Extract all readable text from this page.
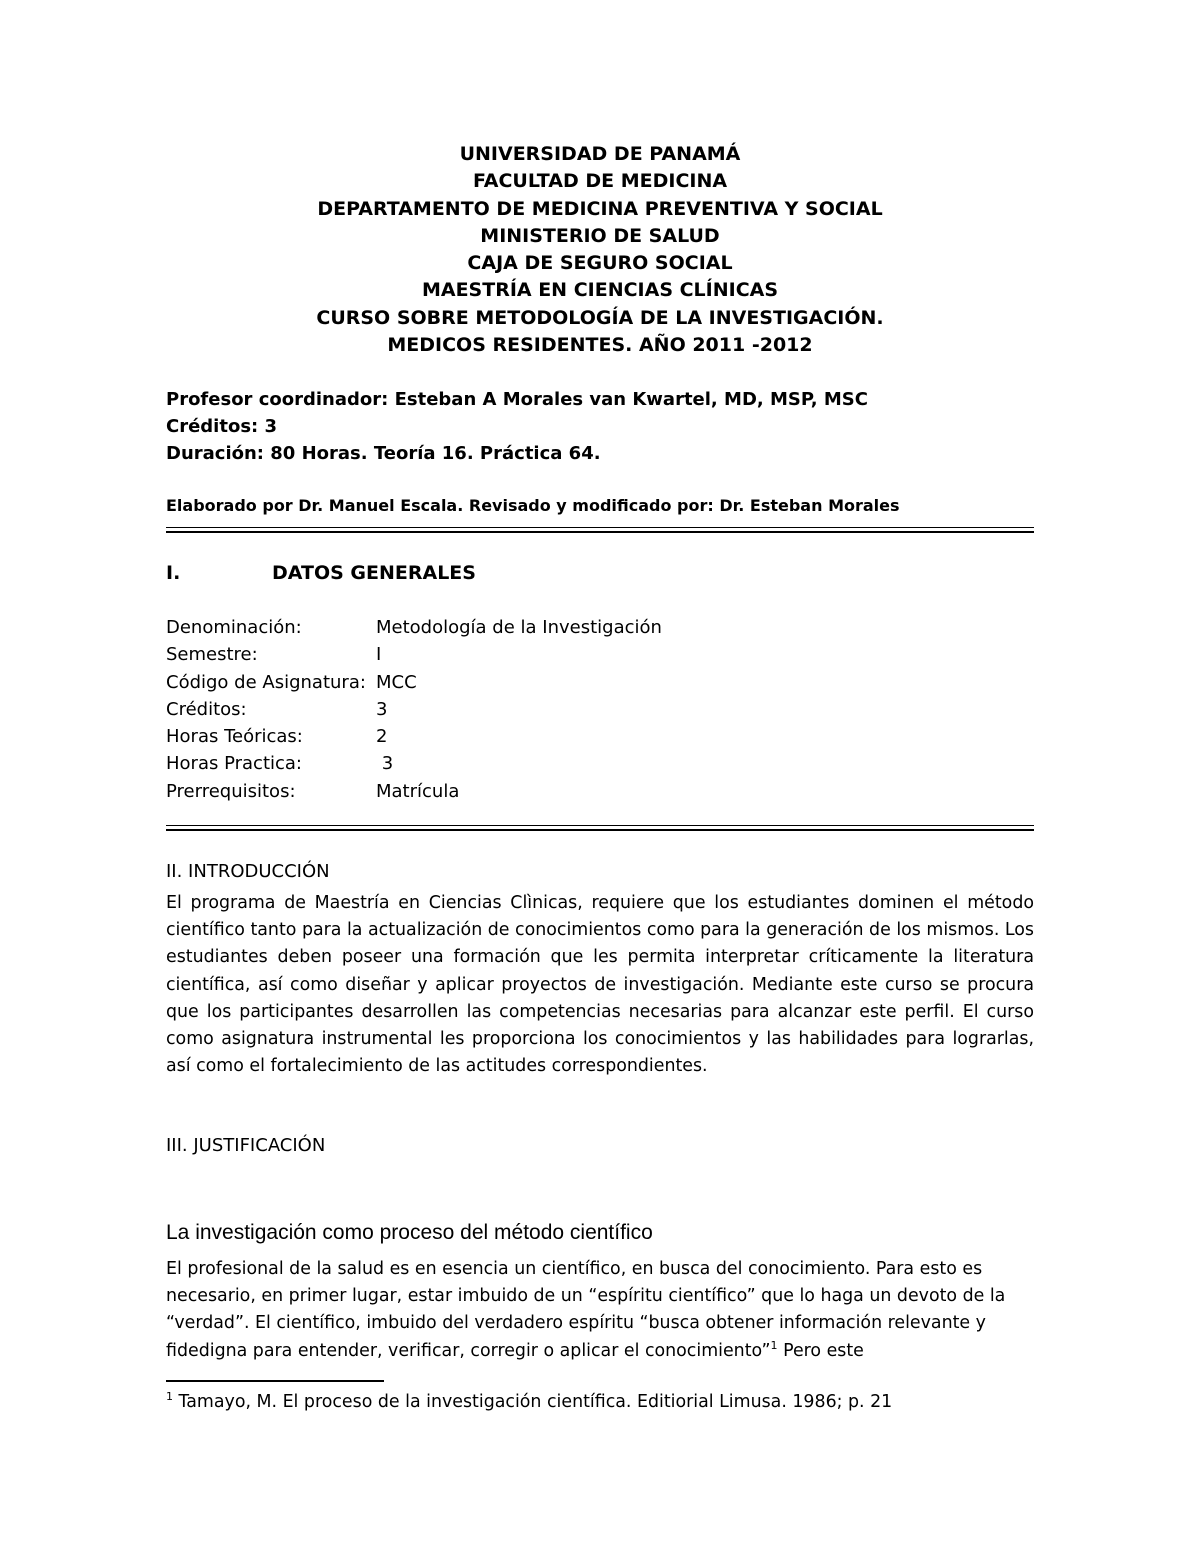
UNIVERSIDAD DE PANAMÁ
FACULTAD DE MEDICINA
DEPARTAMENTO DE MEDICINA PREVENTIVA Y SOCIAL
MINISTERIO DE SALUD
CAJA DE SEGURO SOCIAL
MAESTRÍA EN CIENCIAS CLÍNICAS
CURSO SOBRE METODOLOGÍA DE LA INVESTIGACIÓN.
MEDICOS RESIDENTES. AÑO 2011 -2012
Profesor coordinador: Esteban A Morales van Kwartel, MD, MSP, MSC
Créditos: 3
Duración: 80 Horas. Teoría 16. Práctica 64.
Elaborado por Dr. Manuel Escala. Revisado y modificado por: Dr. Esteban Morales
I.	DATOS GENERALES
Denominación:	Metodología de la Investigación
Semestre:	I
Código de Asignatura: MCC
Créditos:	3
Horas Teóricas:	2
Horas Practica:	3
Prerrequisitos:	Matrícula
II. INTRODUCCIÓN
El programa de Maestría en Ciencias Clìnicas, requiere que los estudiantes dominen el método científico tanto para la actualización de conocimientos como para la generación de los mismos. Los estudiantes deben poseer una formación que les permita interpretar críticamente la literatura científica, así como diseñar y aplicar proyectos de investigación. Mediante este curso se procura que los participantes desarrollen las competencias necesarias para alcanzar este perfil. El curso como asignatura instrumental les proporciona los conocimientos y las habilidades para lograrlas, así como el fortalecimiento de las actitudes correspondientes.
III. JUSTIFICACIÓN
La investigación como proceso del método científico
El profesional de la salud es en esencia un científico, en busca del conocimiento. Para esto es necesario, en primer lugar, estar imbuido de un “espíritu científico” que lo haga un devoto de la “verdad”. El científico, imbuido del verdadero espíritu “busca obtener información relevante y fidedigna para entender, verificar, corregir o aplicar el conocimiento”$^1$ Pero este
$^1$ Tamayo, M. El proceso de la investigación científica. Editiorial Limusa. 1986; p. 21
